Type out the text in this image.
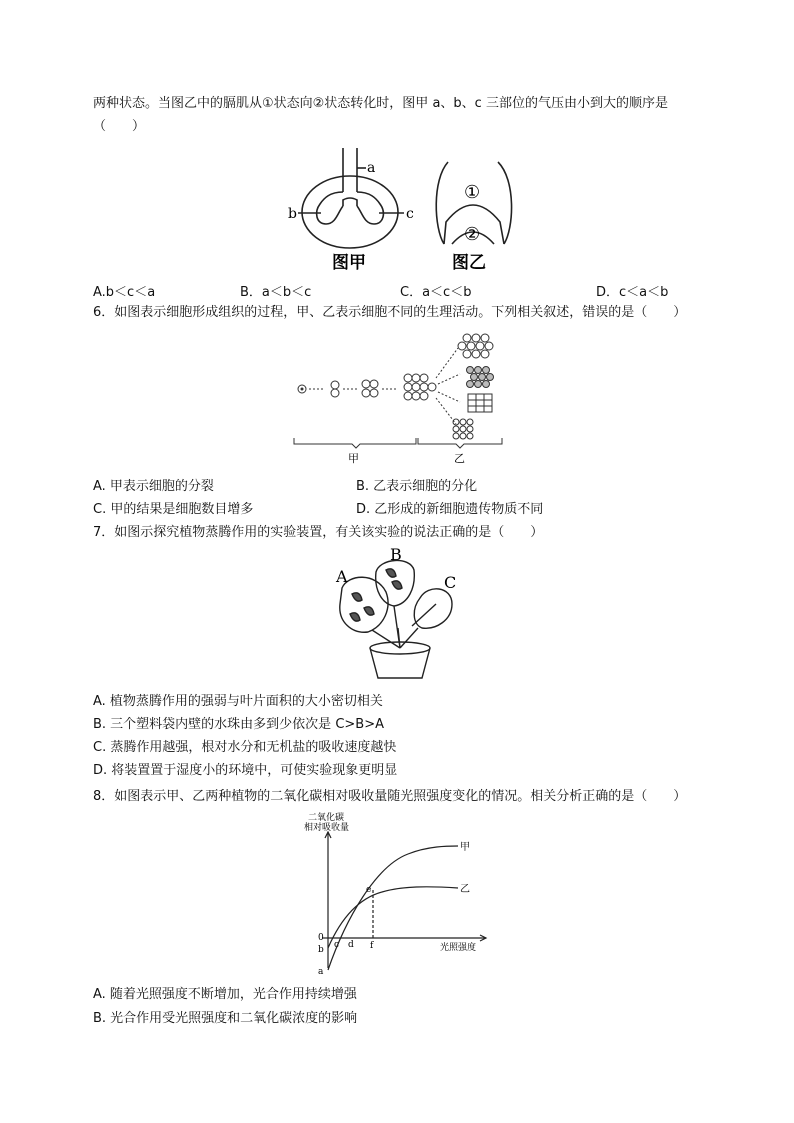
两种状态。当图乙中的膈肌从①状态向②状态转化时，图甲 a、b、c 三部位的气压由小到大的顺序是
（　　）
a
b	c
图甲
①
②
图乙
A.b＜c＜a	B．a＜b＜c	C．a＜c＜b	D．c＜a＜b
6．如图表示细胞形成组织的过程，甲、乙表示细胞不同的生理活动。下列相关叙述，错误的是（　　）
甲	乙
A. 甲表示细胞的分裂	B. 乙表示细胞的分化
C. 甲的结果是细胞数目增多	D. 乙形成的新细胞遗传物质不同
7．如图示探究植物蒸腾作用的实验装置，有关该实验的说法正确的是（　　）
A
B
C
A. 植物蒸腾作用的强弱与叶片面积的大小密切相关
B. 三个塑料袋内壁的水珠由多到少依次是 C>B>A
C. 蒸腾作用越强，根对水分和无机盐的吸收速度越快
D. 将装置置于湿度小的环境中，可使实验现象更明显
8．如图表示甲、乙两种植物的二氧化碳相对吸收量随光照强度变化的情况。相关分析正确的是（　　）
二氧化碳
相对吸收量
光照强度
0
a
b c d
e
f
甲
乙
A. 随着光照强度不断增加，光合作用持续增强
B. 光合作用受光照强度和二氧化碳浓度的影响
